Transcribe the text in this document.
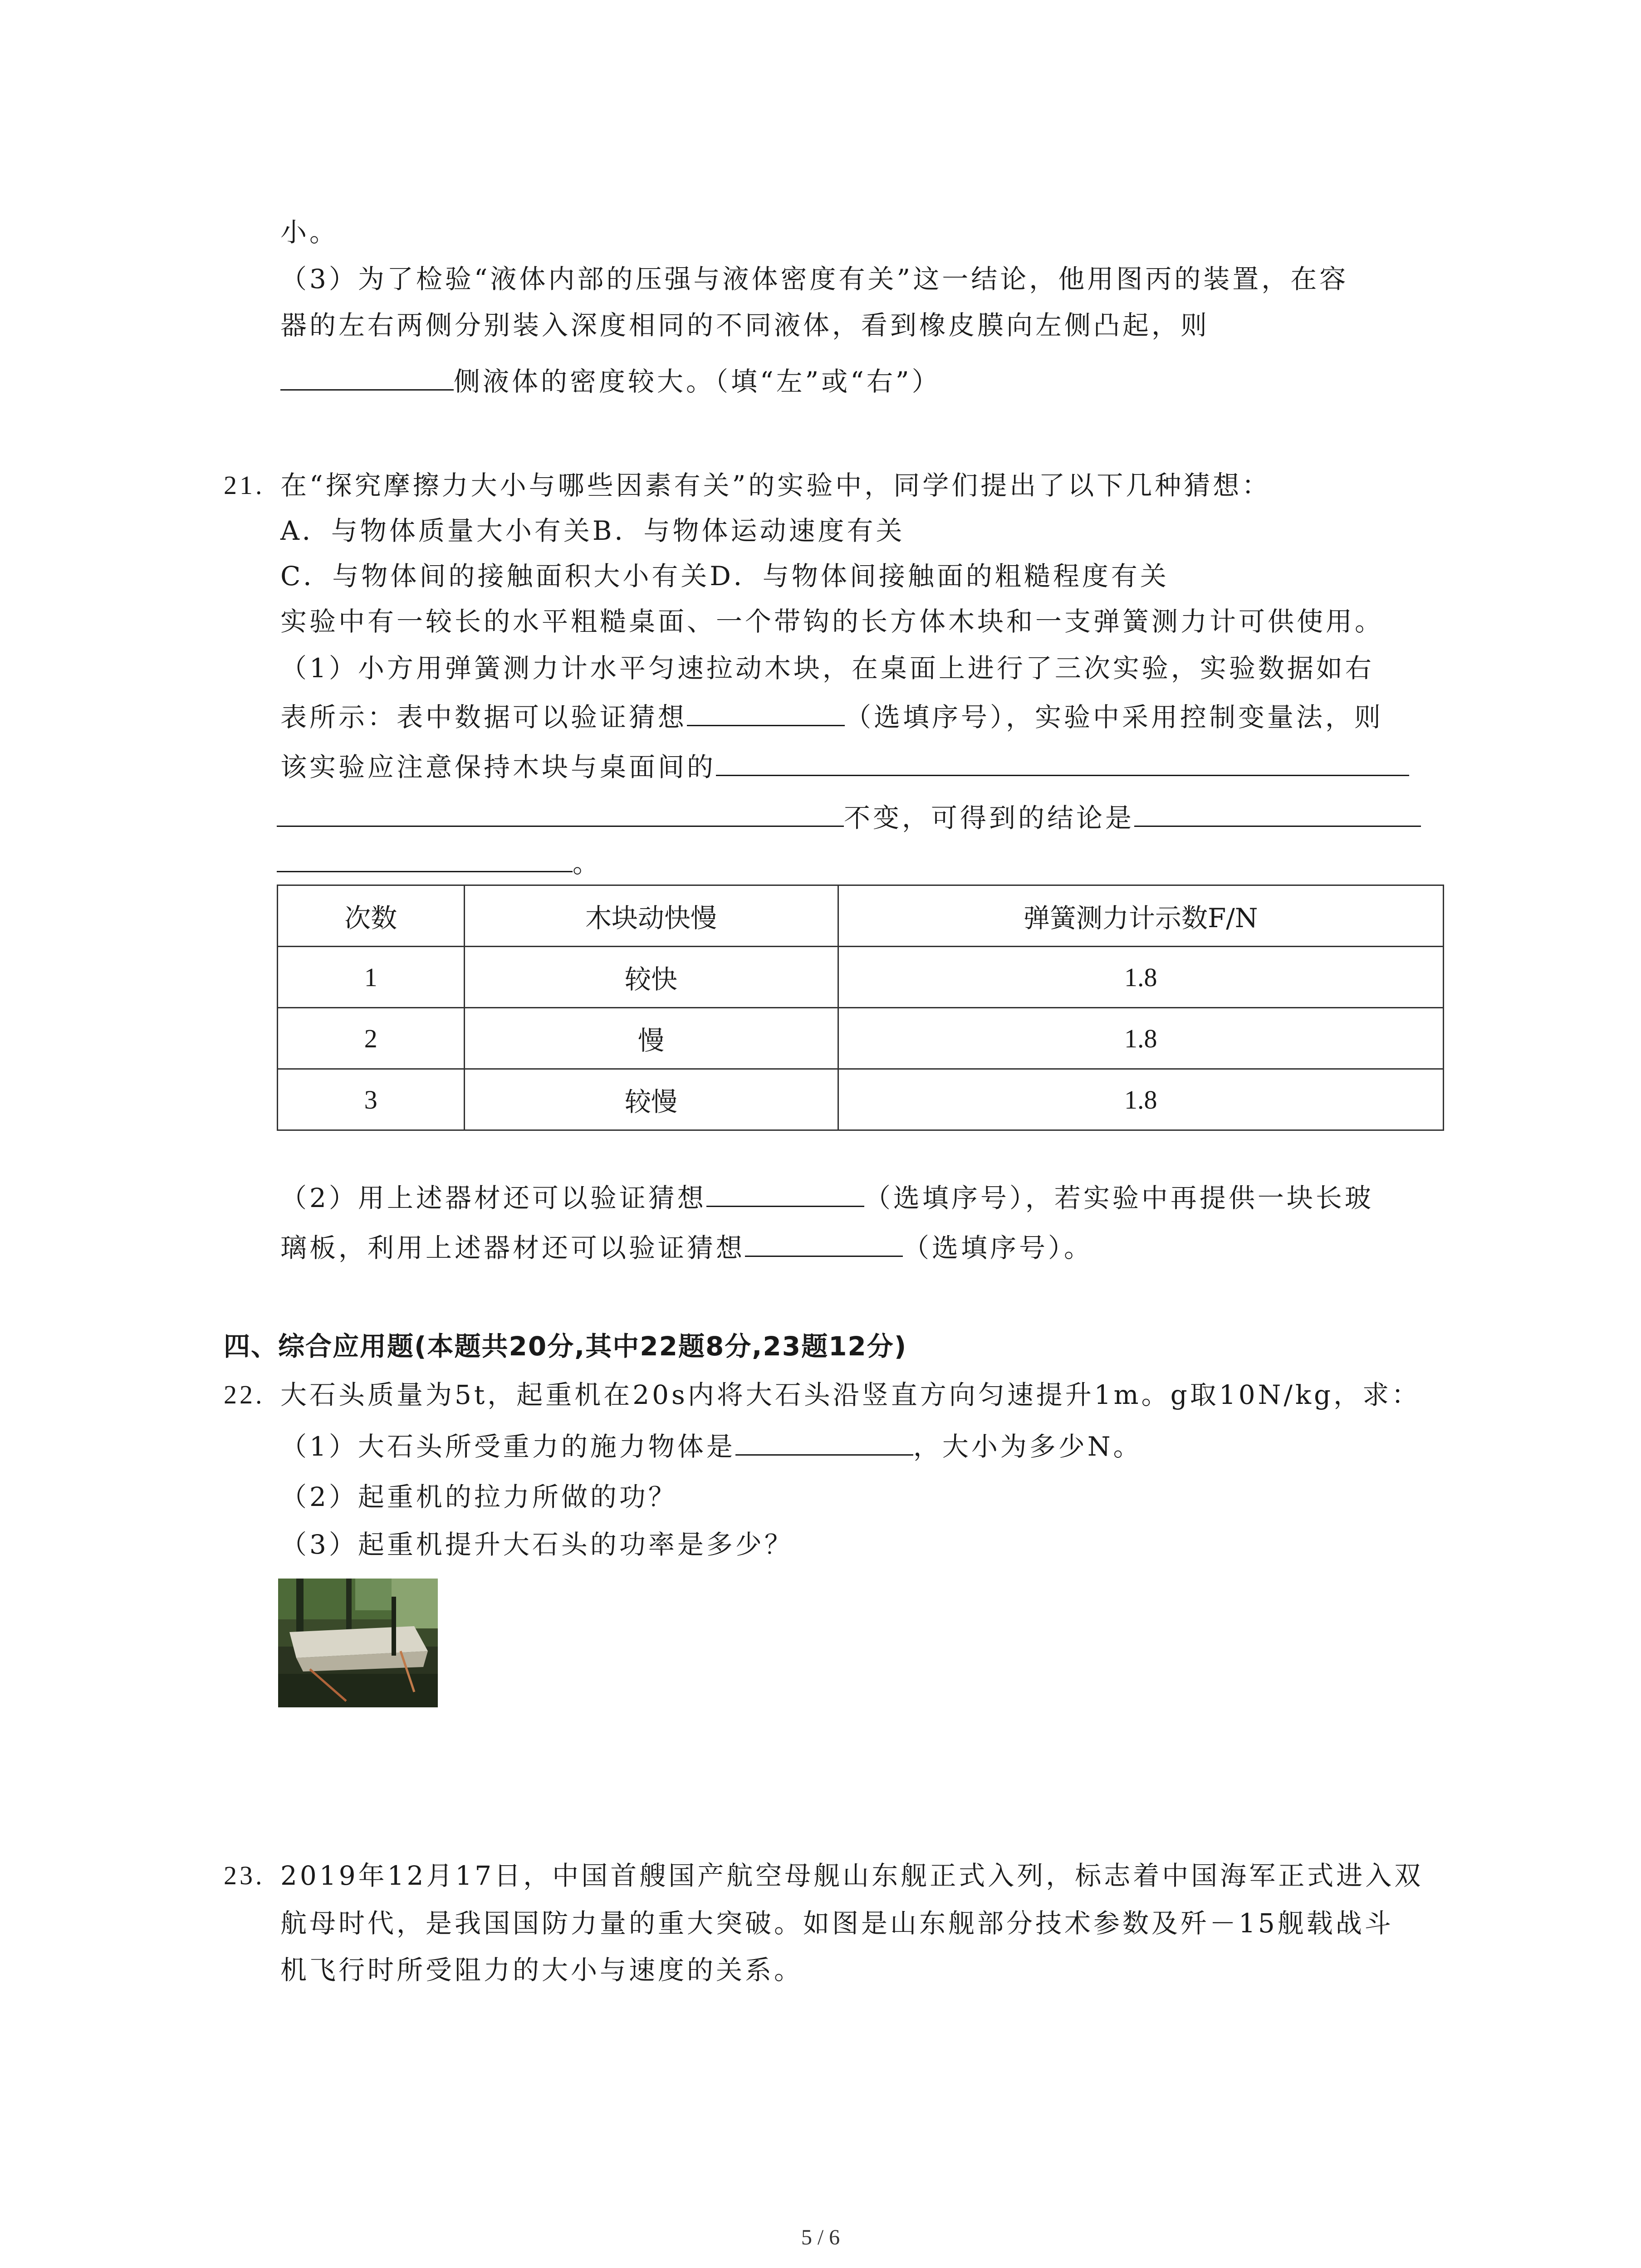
小。
（3）为了检验“液体内部的压强与液体密度有关”这一结论，他用图丙的装置，在容
器的左右两侧分别装入深度相同的不同液体，看到橡皮膜向左侧凸起，则
侧液体的密度较大。（填“左”或“右”）
21. 在“探究摩擦力大小与哪些因素有关”的实验中，同学们提出了以下几种猜想：
A．与物体质量大小有关B．与物体运动速度有关
C．与物体间的接触面积大小有关D．与物体间接触面的粗糙程度有关
实验中有一较长的水平粗糙桌面、一个带钩的长方体木块和一支弹簧测力计可供使用。
（1）小方用弹簧测力计水平匀速拉动木块，在桌面上进行了三次实验，实验数据如右
表所示：表中数据可以验证猜想	（选填序号），实验中采用控制变量法，则
该实验应注意保持木块与桌面间的
不变，可得到的结论是
。
次数	木块动快慢	弹簧测力计示数F/N
1	较快	1.8
2	慢	1.8
3	较慢	1.8
（2）用上述器材还可以验证猜想	（选填序号），若实验中再提供一块长玻
璃板，利用上述器材还可以验证猜想	（选填序号）。
四、综合应用题(本题共20分,其中22题8分,23题12分)
22. 大石头质量为5t，起重机在20s内将大石头沿竖直方向匀速提升1m。g取10N/kg，求：
（1）大石头所受重力的施力物体是	，大小为多少N。
（2）起重机的拉力所做的功？
（3）起重机提升大石头的功率是多少？
23. 2019年12月17日，中国首艘国产航空母舰山东舰正式入列，标志着中国海军正式进入双
航母时代，是我国国防力量的重大突破。如图是山东舰部分技术参数及歼－15舰载战斗
机飞行时所受阻力的大小与速度的关系。
5 / 6
